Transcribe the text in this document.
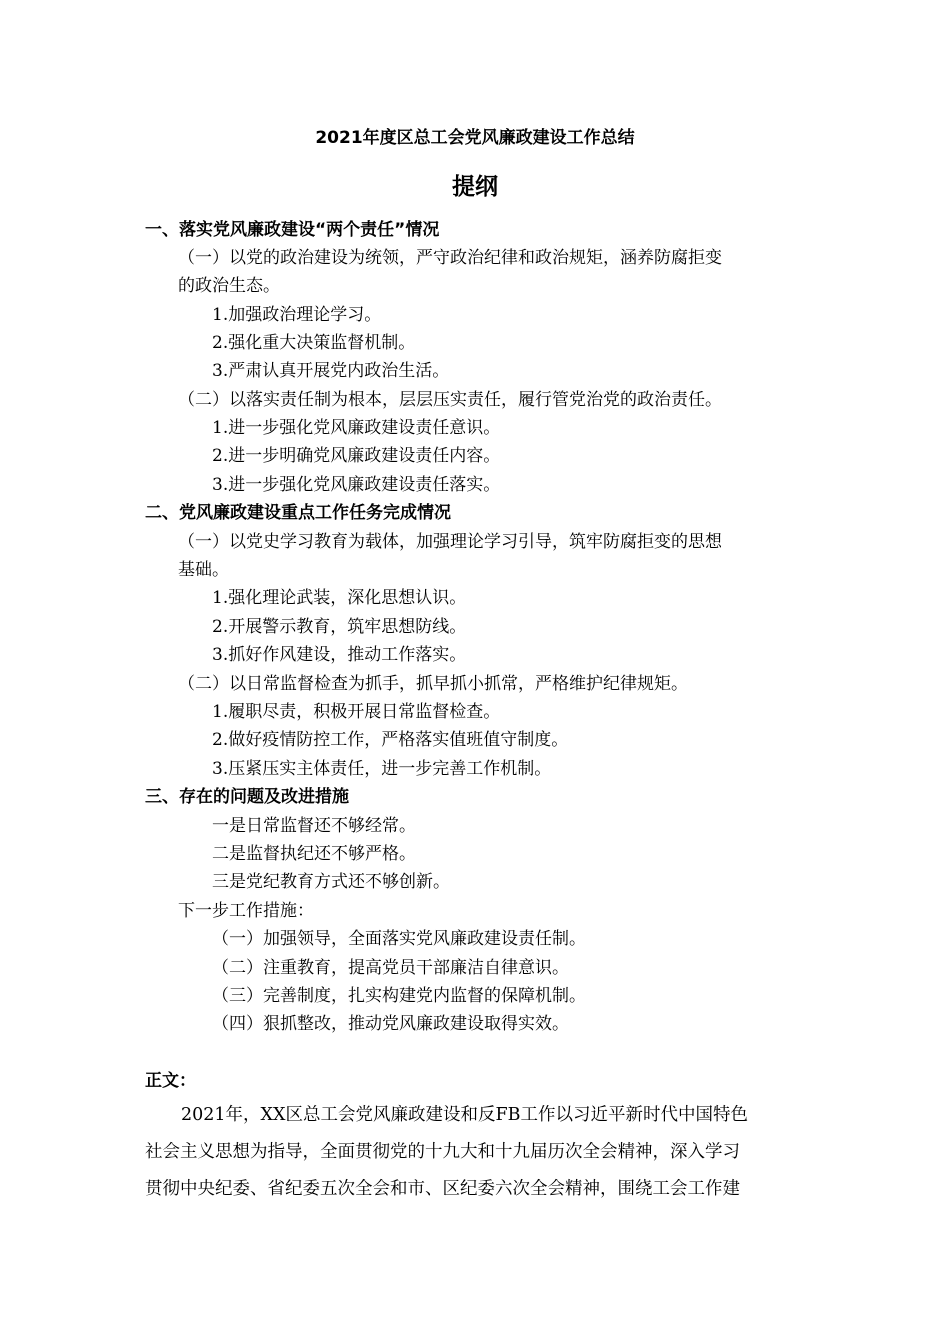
2021年度区总工会党风廉政建设工作总结
提纲
一、落实党风廉政建设“两个责任”情况
（一）以党的政治建设为统领，严守政治纪律和政治规矩，涵养防腐拒变
的政治生态。
1.加强政治理论学习。
2.强化重大决策监督机制。
3.严肃认真开展党内政治生活。
（二）以落实责任制为根本，层层压实责任，履行管党治党的政治责任。
1.进一步强化党风廉政建设责任意识。
2.进一步明确党风廉政建设责任内容。
3.进一步强化党风廉政建设责任落实。
二、党风廉政建设重点工作任务完成情况
（一）以党史学习教育为载体，加强理论学习引导，筑牢防腐拒变的思想
基础。
1.强化理论武装，深化思想认识。
2.开展警示教育，筑牢思想防线。
3.抓好作风建设，推动工作落实。
（二）以日常监督检查为抓手，抓早抓小抓常，严格维护纪律规矩。
1.履职尽责，积极开展日常监督检查。
2.做好疫情防控工作，严格落实值班值守制度。
3.压紧压实主体责任，进一步完善工作机制。
三、存在的问题及改进措施
一是日常监督还不够经常。
二是监督执纪还不够严格。
三是党纪教育方式还不够创新。
下一步工作措施：
（一）加强领导，全面落实党风廉政建设责任制。
（二）注重教育，提高党员干部廉洁自律意识。
（三）完善制度，扎实构建党内监督的保障机制。
（四）狠抓整改，推动党风廉政建设取得实效。
正文：
2021年，XX区总工会党风廉政建设和反FB工作以习近平新时代中国特色
社会主义思想为指导，全面贯彻党的十九大和十九届历次全会精神，深入学习
贯彻中央纪委、省纪委五次全会和市、区纪委六次全会精神，围绕工会工作建
